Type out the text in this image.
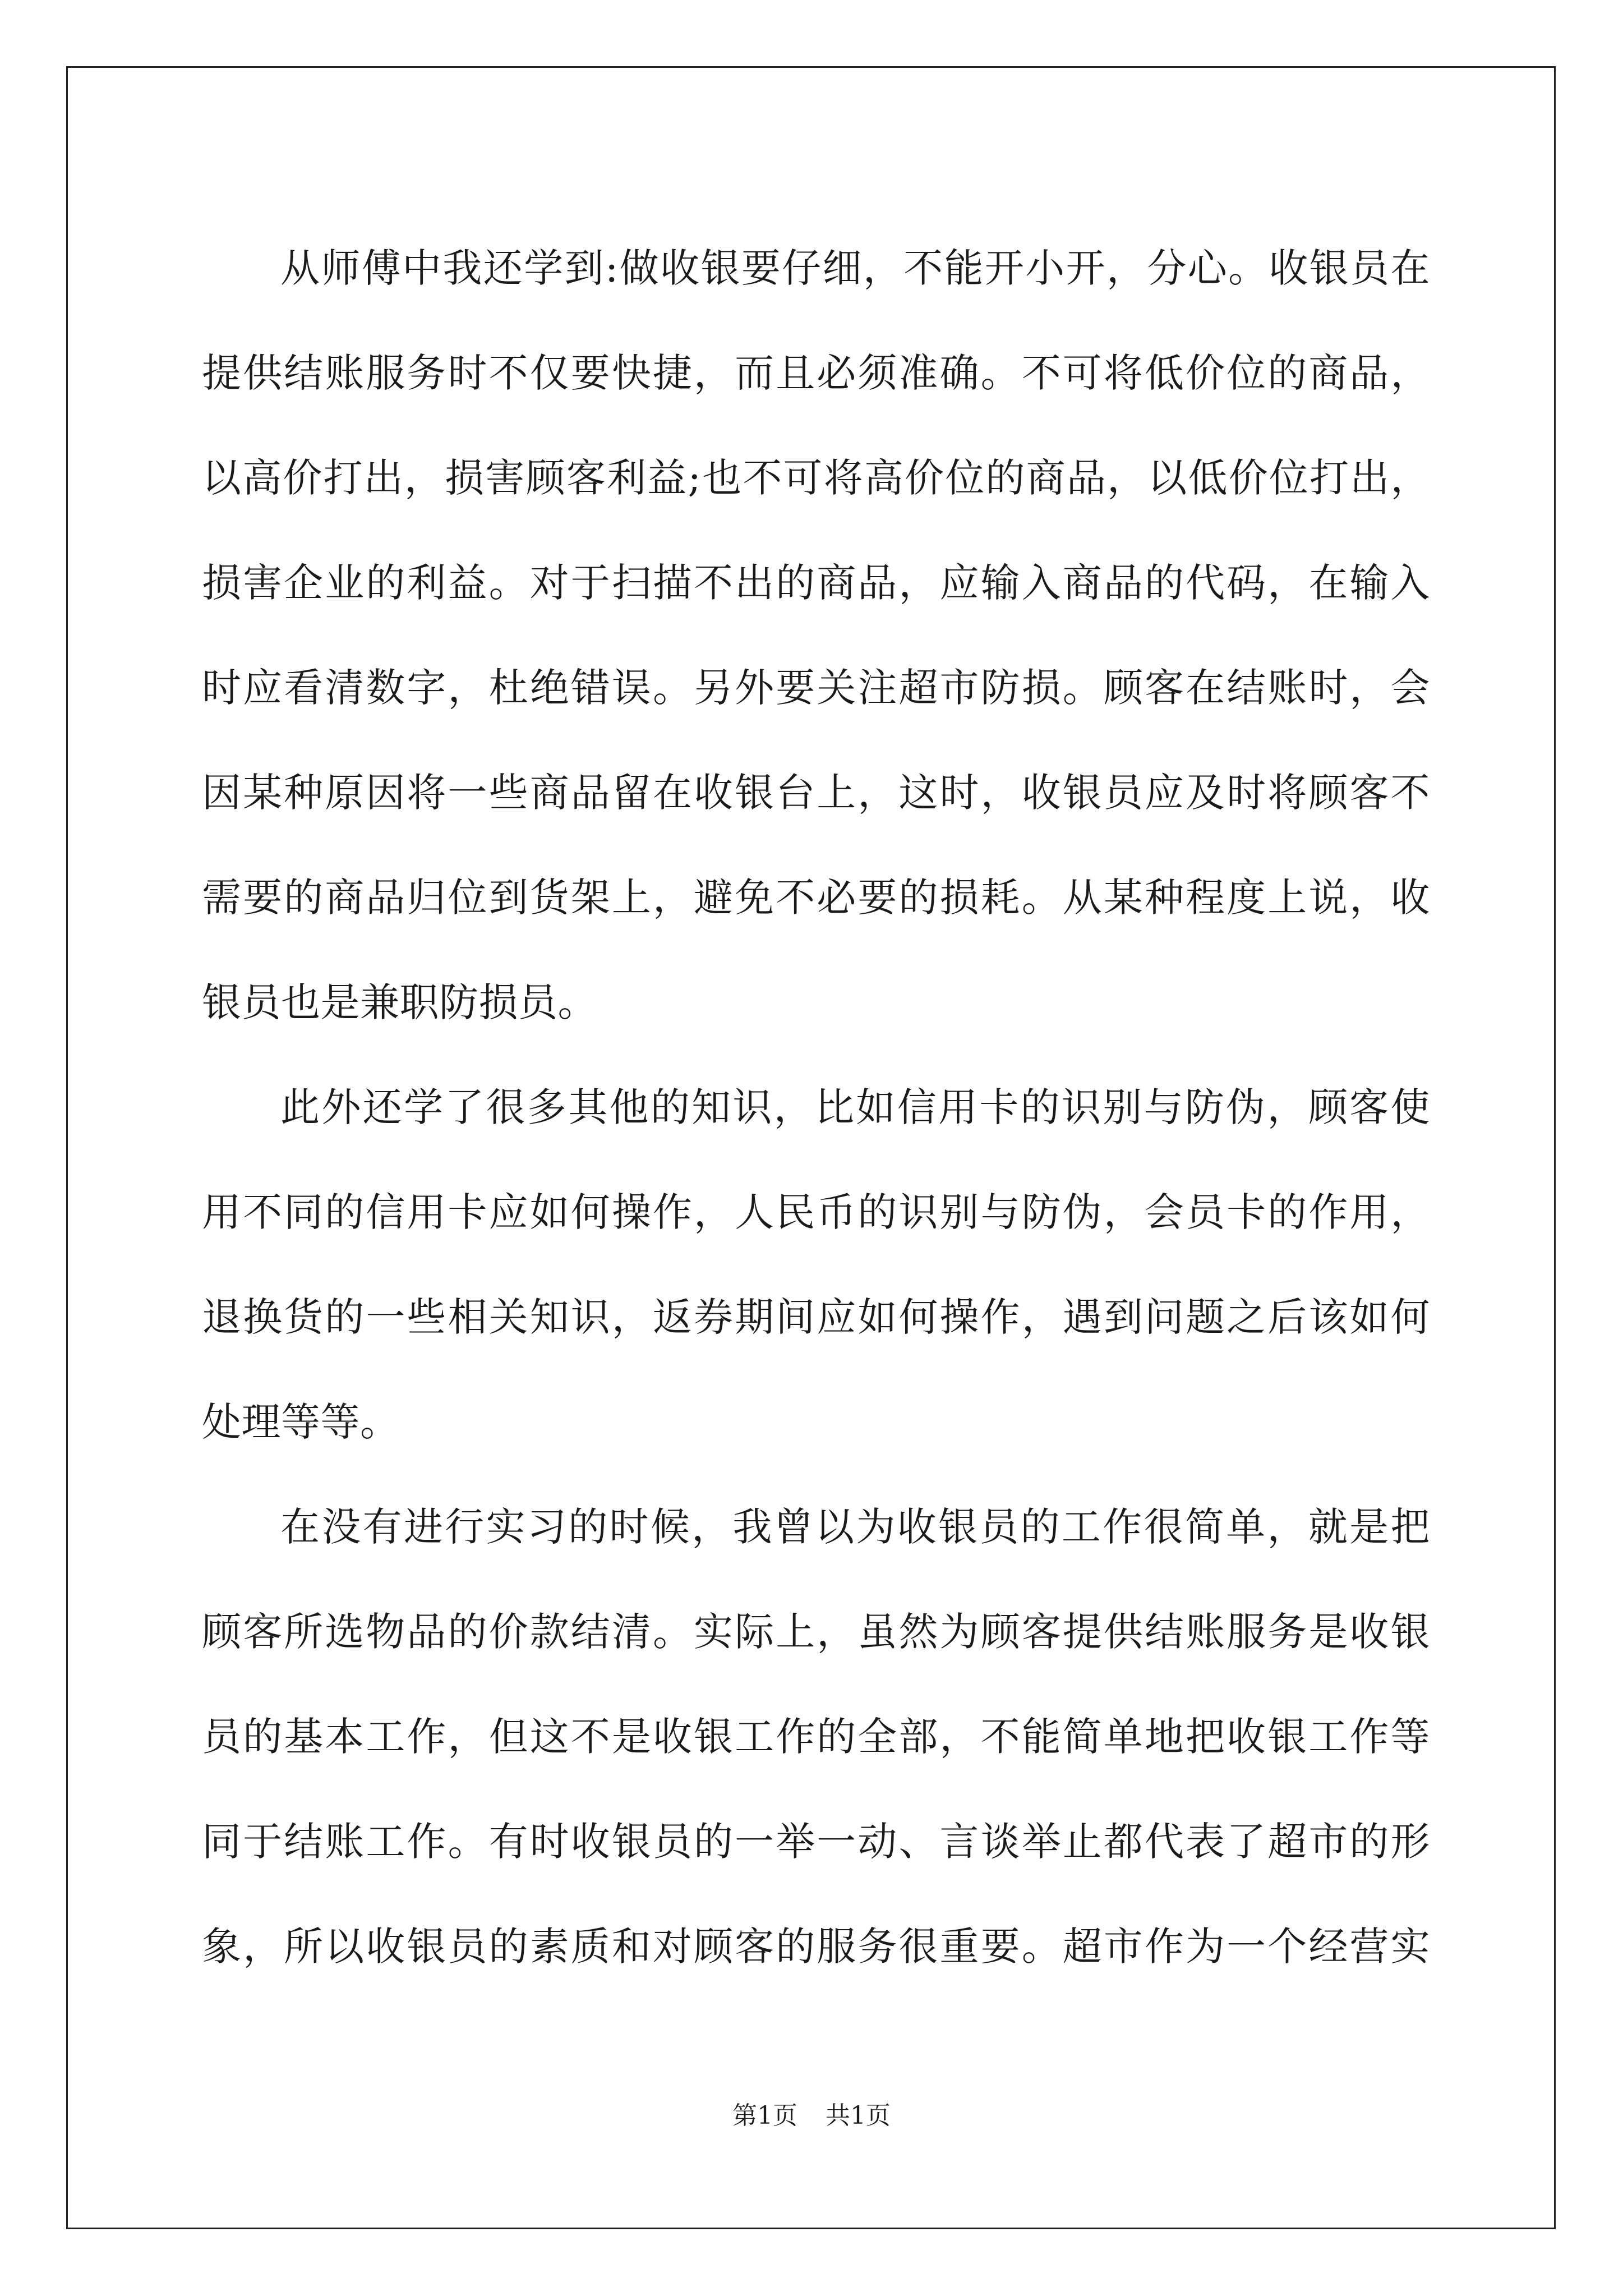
从师傅中我还学到:做收银要仔细，不能开小开，分心。收银员在
提供结账服务时不仅要快捷，而且必须准确。不可将低价位的商品，
以高价打出，损害顾客利益;也不可将高价位的商品，以低价位打出，
损害企业的利益。对于扫描不出的商品，应输入商品的代码，在输入
时应看清数字，杜绝错误。另外要关注超市防损。顾客在结账时，会
因某种原因将一些商品留在收银台上，这时，收银员应及时将顾客不
需要的商品归位到货架上，避免不必要的损耗。从某种程度上说，收
银员也是兼职防损员。
此外还学了很多其他的知识，比如信用卡的识别与防伪，顾客使
用不同的信用卡应如何操作，人民币的识别与防伪，会员卡的作用，
退换货的一些相关知识，返券期间应如何操作，遇到问题之后该如何
处理等等。
在没有进行实习的时候，我曾以为收银员的工作很简单，就是把
顾客所选物品的价款结清。实际上，虽然为顾客提供结账服务是收银
员的基本工作，但这不是收银工作的全部，不能简单地把收银工作等
同于结账工作。有时收银员的一举一动、言谈举止都代表了超市的形
象，所以收银员的素质和对顾客的服务很重要。超市作为一个经营实
第1页 共1页
